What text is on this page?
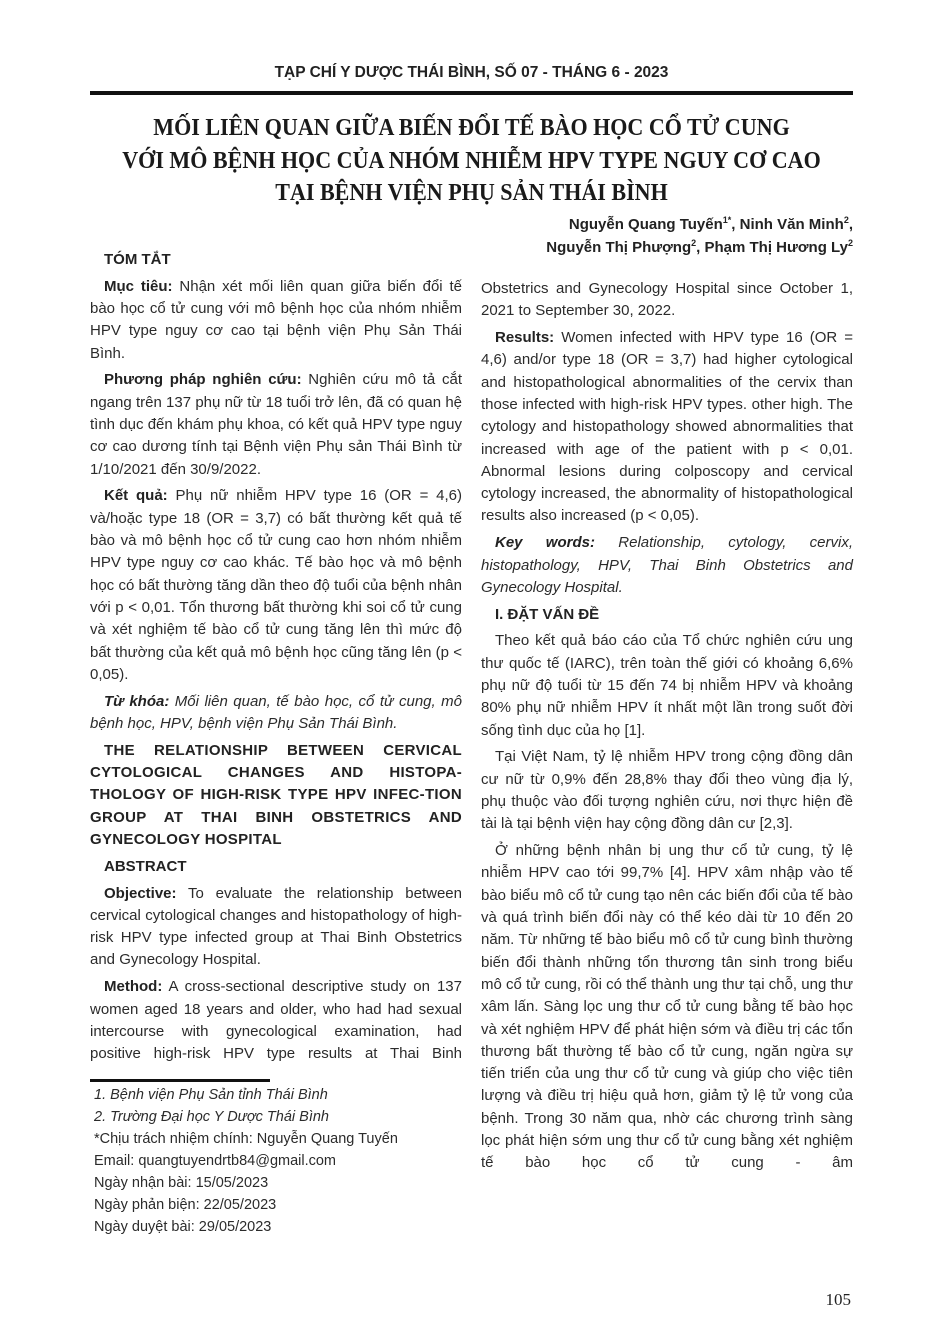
TẠP CHÍ Y DƯỢC THÁI BÌNH, SỐ 07 - THÁNG 6 - 2023
MỐI LIÊN QUAN GIỮA BIẾN ĐỔI TẾ BÀO HỌC CỔ TỬ CUNG
VỚI MÔ BỆNH HỌC CỦA NHÓM NHIỄM HPV TYPE NGUY CƠ CAO
TẠI BỆNH VIỆN PHỤ SẢN THÁI BÌNH
Nguyễn Quang Tuyến$^{1*}$, Ninh Văn Minh$^2$,
Nguyễn Thị Phượng$^2$, Phạm Thị Hương Ly$^2$
TÓM TẮT

Mục tiêu: Nhận xét mối liên quan giữa biến đổi tế bào học cổ tử cung với mô bệnh học của nhóm nhiễm HPV type nguy cơ cao tại bệnh viện Phụ Sản Thái Bình.

Phương pháp nghiên cứu: Nghiên cứu mô tả cắt ngang trên 137 phụ nữ từ 18 tuổi trở lên, đã có quan hệ tình dục đến khám phụ khoa, có kết quả HPV type nguy cơ cao dương tính tại Bệnh viện Phụ sản Thái Bình từ 1/10/2021 đến 30/9/2022.

Kết quả: Phụ nữ nhiễm HPV type 16 (OR = 4,6) và/hoặc type 18 (OR = 3,7) có bất thường kết quả tế bào và mô bệnh học cổ tử cung cao hơn nhóm nhiễm HPV type nguy cơ cao khác. Tế bào học và mô bệnh học có bất thường tăng dần theo độ tuổi của bệnh nhân với p < 0,01. Tổn thương bất thường khi soi cổ tử cung và xét nghiệm tế bào cổ tử cung tăng lên thì mức độ bất thường của kết quả mô bệnh học cũng tăng lên (p < 0,05).

Từ khóa: Mối liên quan, tế bào học, cổ tử cung, mô bệnh học, HPV, bệnh viện Phụ Sản Thái Bình.

THE RELATIONSHIP BETWEEN CERVICAL CYTOLOGICAL CHANGES AND HISTOPA-THOLOGY OF HIGH-RISK TYPE HPV INFEC-TION GROUP AT THAI BINH OBSTETRICS AND GYNECOLOGY HOSPITAL
ABSTRACT

Objective: To evaluate the relationship between cervical cytological changes and histopathology of high-risk HPV type infected group at Thai Binh Obstetrics and Gynecology Hospital.

Method: A cross-sectional descriptive study on 137 women aged 18 years and older, who had had sexual intercourse with gynecological examination, had positive high-risk HPV type results at Thai Binh

1. Bệnh viện Phụ Sản tỉnh Thái Bình
2. Trường Đại học Y Dược Thái Bình
*Chịu trách nhiệm chính: Nguyễn Quang Tuyến
Email: quangtuyendrtb84@gmail.com
Ngày nhận bài: 15/05/2023
Ngày phản biện: 22/05/2023
Ngày duyệt bài: 29/05/2023

Obstetrics and Gynecology Hospital since October 1, 2021 to September 30, 2022.

Results: Women infected with HPV type 16 (OR = 4,6) and/or type 18 (OR = 3,7) had higher cytological and histopathological abnormalities of the cervix than those infected with high-risk HPV types. other high. The cytology and histopathology showed abnormalities that increased with age of the patient with p < 0,01. Abnormal lesions during colposcopy and cervical cytology increased, the abnormality of histopathological results also increased (p < 0,05).

Key words: Relationship, cytology, cervix, histopathology, HPV, Thai Binh Obstetrics and Gynecology Hospital.

I. ĐẶT VẤN ĐỀ

Theo kết quả báo cáo của Tổ chức nghiên cứu ung thư quốc tế (IARC), trên toàn thế giới có khoảng 6,6% phụ nữ độ tuổi từ 15 đến 74 bị nhiễm HPV và khoảng 80% phụ nữ nhiễm HPV ít nhất một lần trong suốt đời sống tình dục của họ [1].

Tại Việt Nam, tỷ lệ nhiễm HPV trong cộng đồng dân cư nữ từ 0,9% đến 28,8% thay đổi theo vùng địa lý, phụ thuộc vào đối tượng nghiên cứu, nơi thực hiện đề tài là tại bệnh viện hay cộng đồng dân cư [2,3].

Ở những bệnh nhân bị ung thư cổ tử cung, tỷ lệ nhiễm HPV cao tới 99,7% [4]. HPV xâm nhập vào tế bào biểu mô cổ tử cung tạo nên các biến đổi của tế bào và quá trình biến đổi này có thể kéo dài từ 10 đến 20 năm. Từ những tế bào biểu mô cổ tử cung bình thường biến đổi thành những tổn thương tân sinh trong biểu mô cổ tử cung, rồi có thể thành ung thư tại chỗ, ung thư xâm lấn. Sàng lọc ung thư cổ tử cung bằng tế bào học và xét nghiệm HPV để phát hiện sớm và điều trị các tổn thương bất thường tế bào cổ tử cung, ngăn ngừa sự tiến triển của ung thư cổ tử cung và giúp cho việc tiên lượng và điều trị hiệu quả hơn, giảm tỷ lệ tử vong của bệnh. Trong 30 năm qua, nhờ các chương trình sàng lọc phát hiện sớm ung thư cổ tử cung bằng xét nghiệm tế bào học cổ tử cung - âm

105
